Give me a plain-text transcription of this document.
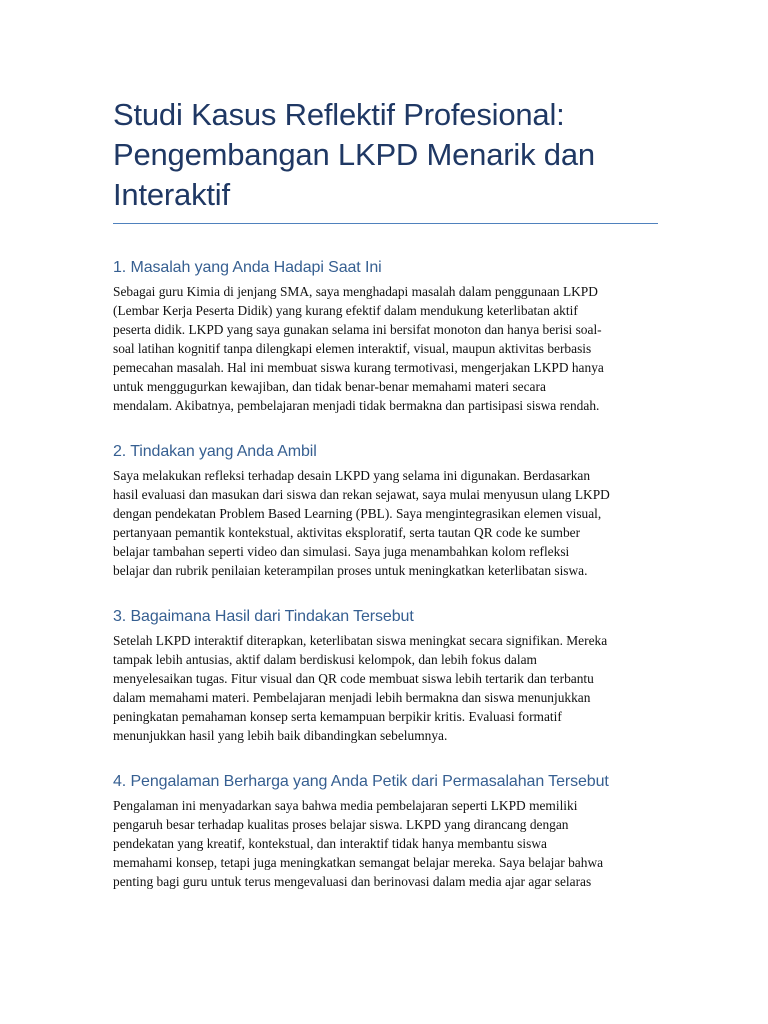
Studi Kasus Reflektif Profesional:
Pengembangan LKPD Menarik dan
Interaktif
1. Masalah yang Anda Hadapi Saat Ini

Sebagai guru Kimia di jenjang SMA, saya menghadapi masalah dalam penggunaan LKPD
(Lembar Kerja Peserta Didik) yang kurang efektif dalam mendukung keterlibatan aktif
peserta didik. LKPD yang saya gunakan selama ini bersifat monoton dan hanya berisi soal-
soal latihan kognitif tanpa dilengkapi elemen interaktif, visual, maupun aktivitas berbasis
pemecahan masalah. Hal ini membuat siswa kurang termotivasi, mengerjakan LKPD hanya
untuk menggugurkan kewajiban, dan tidak benar-benar memahami materi secara
mendalam. Akibatnya, pembelajaran menjadi tidak bermakna dan partisipasi siswa rendah.

2. Tindakan yang Anda Ambil

Saya melakukan refleksi terhadap desain LKPD yang selama ini digunakan. Berdasarkan
hasil evaluasi dan masukan dari siswa dan rekan sejawat, saya mulai menyusun ulang LKPD
dengan pendekatan Problem Based Learning (PBL). Saya mengintegrasikan elemen visual,
pertanyaan pemantik kontekstual, aktivitas eksploratif, serta tautan QR code ke sumber
belajar tambahan seperti video dan simulasi. Saya juga menambahkan kolom refleksi
belajar dan rubrik penilaian keterampilan proses untuk meningkatkan keterlibatan siswa.

3. Bagaimana Hasil dari Tindakan Tersebut

Setelah LKPD interaktif diterapkan, keterlibatan siswa meningkat secara signifikan. Mereka
tampak lebih antusias, aktif dalam berdiskusi kelompok, dan lebih fokus dalam
menyelesaikan tugas. Fitur visual dan QR code membuat siswa lebih tertarik dan terbantu
dalam memahami materi. Pembelajaran menjadi lebih bermakna dan siswa menunjukkan
peningkatan pemahaman konsep serta kemampuan berpikir kritis. Evaluasi formatif
menunjukkan hasil yang lebih baik dibandingkan sebelumnya.

4. Pengalaman Berharga yang Anda Petik dari Permasalahan Tersebut

Pengalaman ini menyadarkan saya bahwa media pembelajaran seperti LKPD memiliki
pengaruh besar terhadap kualitas proses belajar siswa. LKPD yang dirancang dengan
pendekatan yang kreatif, kontekstual, dan interaktif tidak hanya membantu siswa
memahami konsep, tetapi juga meningkatkan semangat belajar mereka. Saya belajar bahwa
penting bagi guru untuk terus mengevaluasi dan berinovasi dalam media ajar agar selaras
